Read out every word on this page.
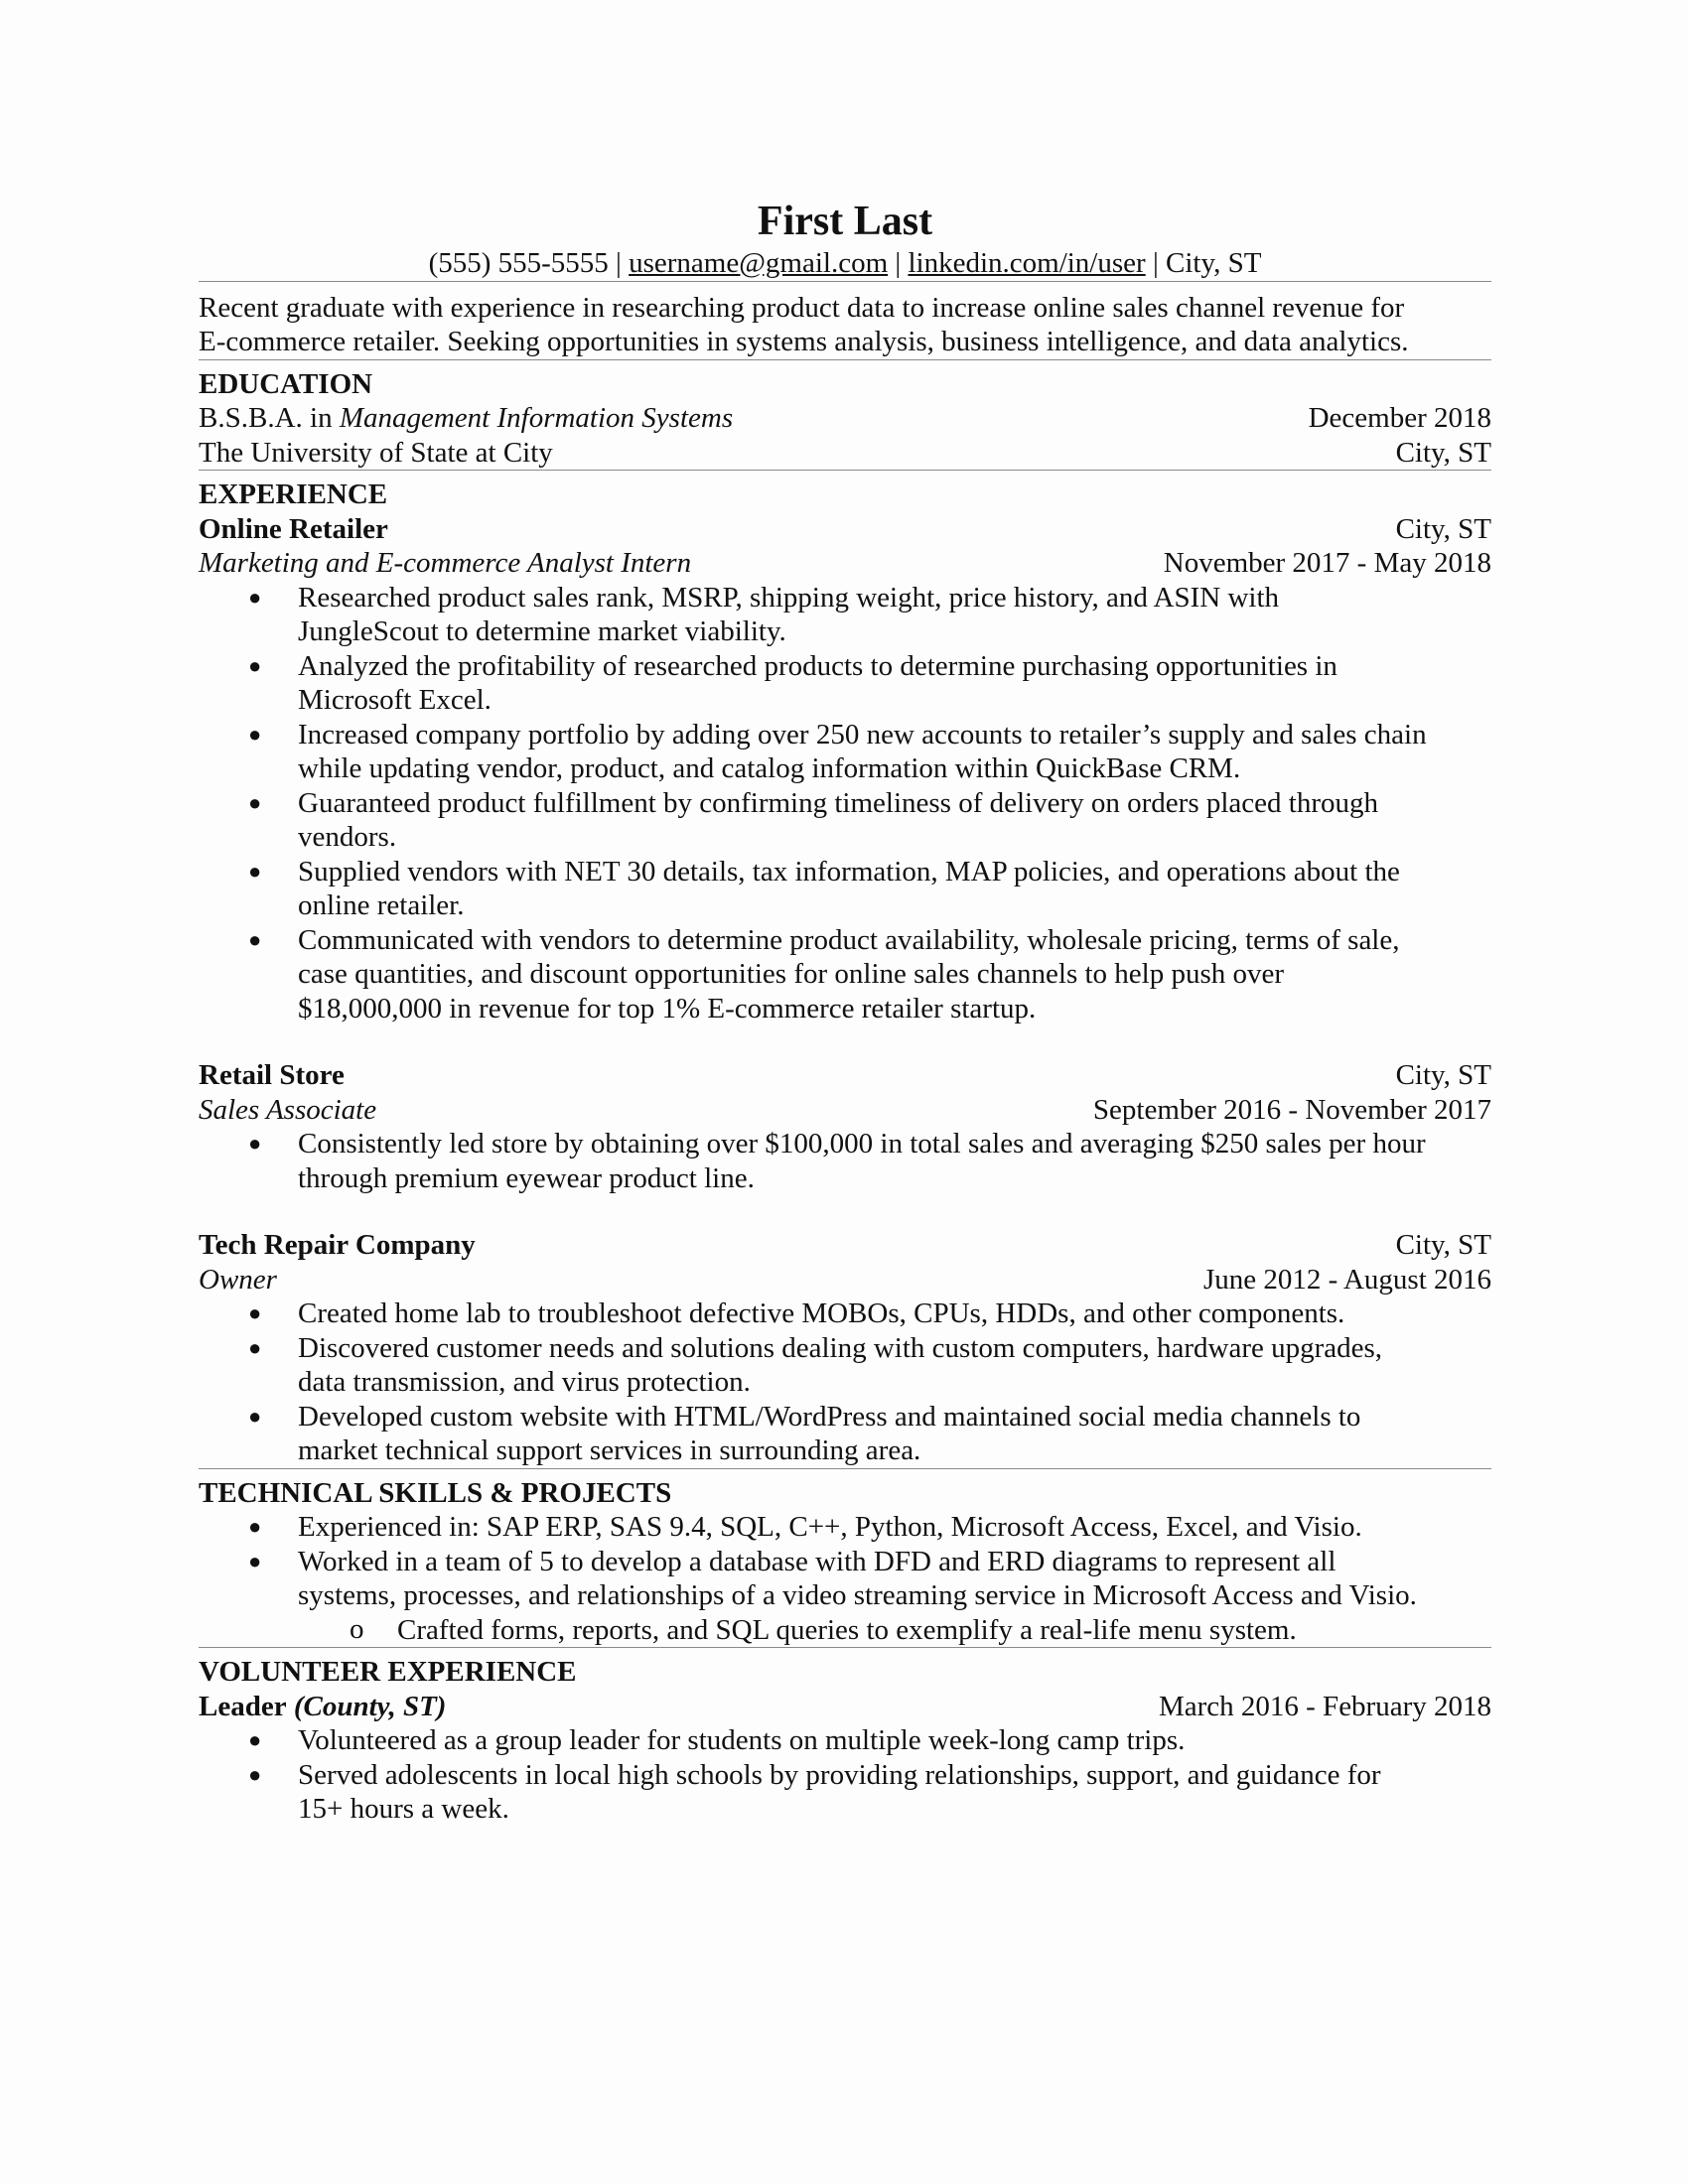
First Last
(555) 555-5555 | username@gmail.com | linkedin.com/in/user | City, ST
Recent graduate with experience in researching product data to increase online sales channel revenue for
E-commerce retailer. Seeking opportunities in systems analysis, business intelligence, and data analytics.
EDUCATION
B.S.B.A. in Management Information Systems	December 2018
The University of State at City	City, ST
EXPERIENCE
Online Retailer	City, ST
Marketing and E-commerce Analyst Intern	November 2017 - May 2018
● Researched product sales rank, MSRP, shipping weight, price history, and ASIN with
JungleScout to determine market viability.
● Analyzed the profitability of researched products to determine purchasing opportunities in
Microsoft Excel.
● Increased company portfolio by adding over 250 new accounts to retailer’s supply and sales chain
while updating vendor, product, and catalog information within QuickBase CRM.
● Guaranteed product fulfillment by confirming timeliness of delivery on orders placed through
vendors.
● Supplied vendors with NET 30 details, tax information, MAP policies, and operations about the
online retailer.
● Communicated with vendors to determine product availability, wholesale pricing, terms of sale,
case quantities, and discount opportunities for online sales channels to help push over
$18,000,000 in revenue for top 1% E-commerce retailer startup.
Retail Store	City, ST
Sales Associate	September 2016 - November 2017
● Consistently led store by obtaining over $100,000 in total sales and averaging $250 sales per hour
through premium eyewear product line.
Tech Repair Company	City, ST
Owner	June 2012 - August 2016
● Created home lab to troubleshoot defective MOBOs, CPUs, HDDs, and other components.
● Discovered customer needs and solutions dealing with custom computers, hardware upgrades,
data transmission, and virus protection.
● Developed custom website with HTML/WordPress and maintained social media channels to
market technical support services in surrounding area.
TECHNICAL SKILLS & PROJECTS
● Experienced in: SAP ERP, SAS 9.4, SQL, C++, Python, Microsoft Access, Excel, and Visio.
● Worked in a team of 5 to develop a database with DFD and ERD diagrams to represent all
systems, processes, and relationships of a video streaming service in Microsoft Access and Visio.
o Crafted forms, reports, and SQL queries to exemplify a real-life menu system.
VOLUNTEER EXPERIENCE
Leader (County, ST)	March 2016 - February 2018
● Volunteered as a group leader for students on multiple week-long camp trips.
● Served adolescents in local high schools by providing relationships, support, and guidance for
15+ hours a week.
